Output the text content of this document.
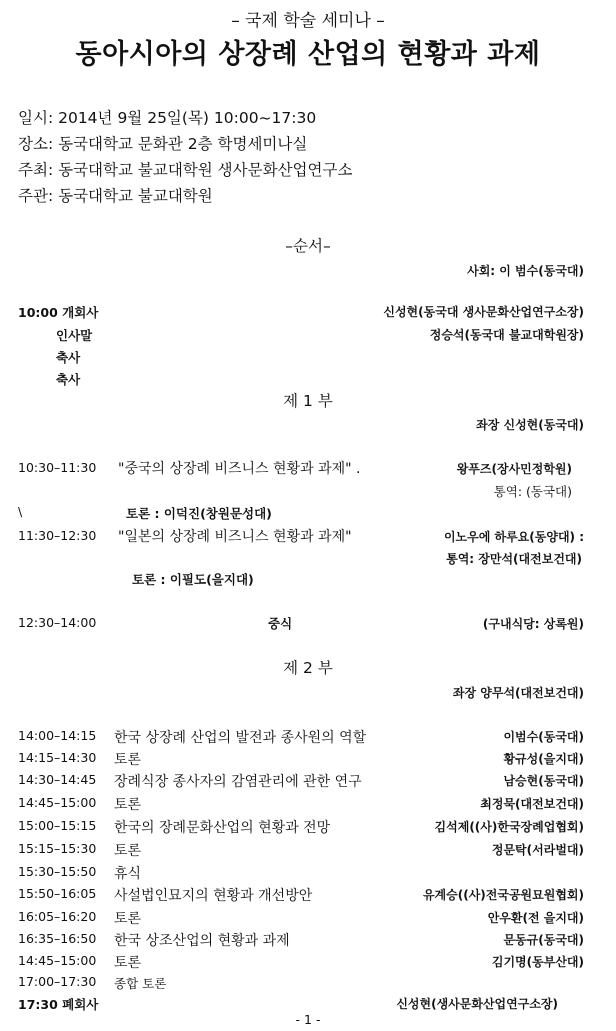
– 국제 학술 세미나 –
동아시아의 상장례 산업의 현황과 과제
일시: 2014년 9월 25일(목) 10:00~17:30
장소: 동국대학교 문화관 2층 학명세미나실
주최: 동국대학교 불교대학원 생사문화산업연구소
주관: 동국대학교 불교대학원
–순서–
사회: 이 범수(동국대)
10:00 개회사	신성현(동국대 생사문화산업연구소장)
인사말	정승석(동국대 불교대학원장)
축사
축사
제 1 부
좌장 신성현(동국대)
10:30–11:30 "중국의 상장례 비즈니스 현황과 과제" .	왕푸즈(장사민정학원)
통역: (동국대)
\	토론 : 이덕진(창원문성대)
11:30–12:30 "일본의 상장례 비즈니스 현황과 과제"	이노우에 하루요(동양대) :
통역: 장만석(대전보건대)
토론 : 이필도(을지대)
12:30–14:00	중식	(구내식당: 상록원)
제 2 부
좌장 양무석(대전보건대)
14:00–14:15 한국 상장례 산업의 발전과 종사원의 역할	이범수(동국대)
14:15–14:30 토론	황규성(을지대)
14:30–14:45 장례식장 종사자의 감염관리에 관한 연구	남승현(동국대)
14:45–15:00 토론	최정묵(대전보건대)
15:00–15:15 한국의 장례문화산업의 현황과 전망	김석제((사)한국장례업협회)
15:15–15:30 토론	정문탁(서라벌대)
15:30–15:50 휴식
15:50–16:05 사설법인묘지의 현황과 개선방안	유계승((사)전국공원묘원협회)
16:05–16:20 토론	안우환(전 을지대)
16:35–16:50 한국 상조산업의 현황과 과제	문동규(동국대)
14:45–15:00 토론	김기명(동부산대)
17:00–17:30 종합 토론
17:30 폐회사	신성현(생사문화산업연구소장)
- 1 -
